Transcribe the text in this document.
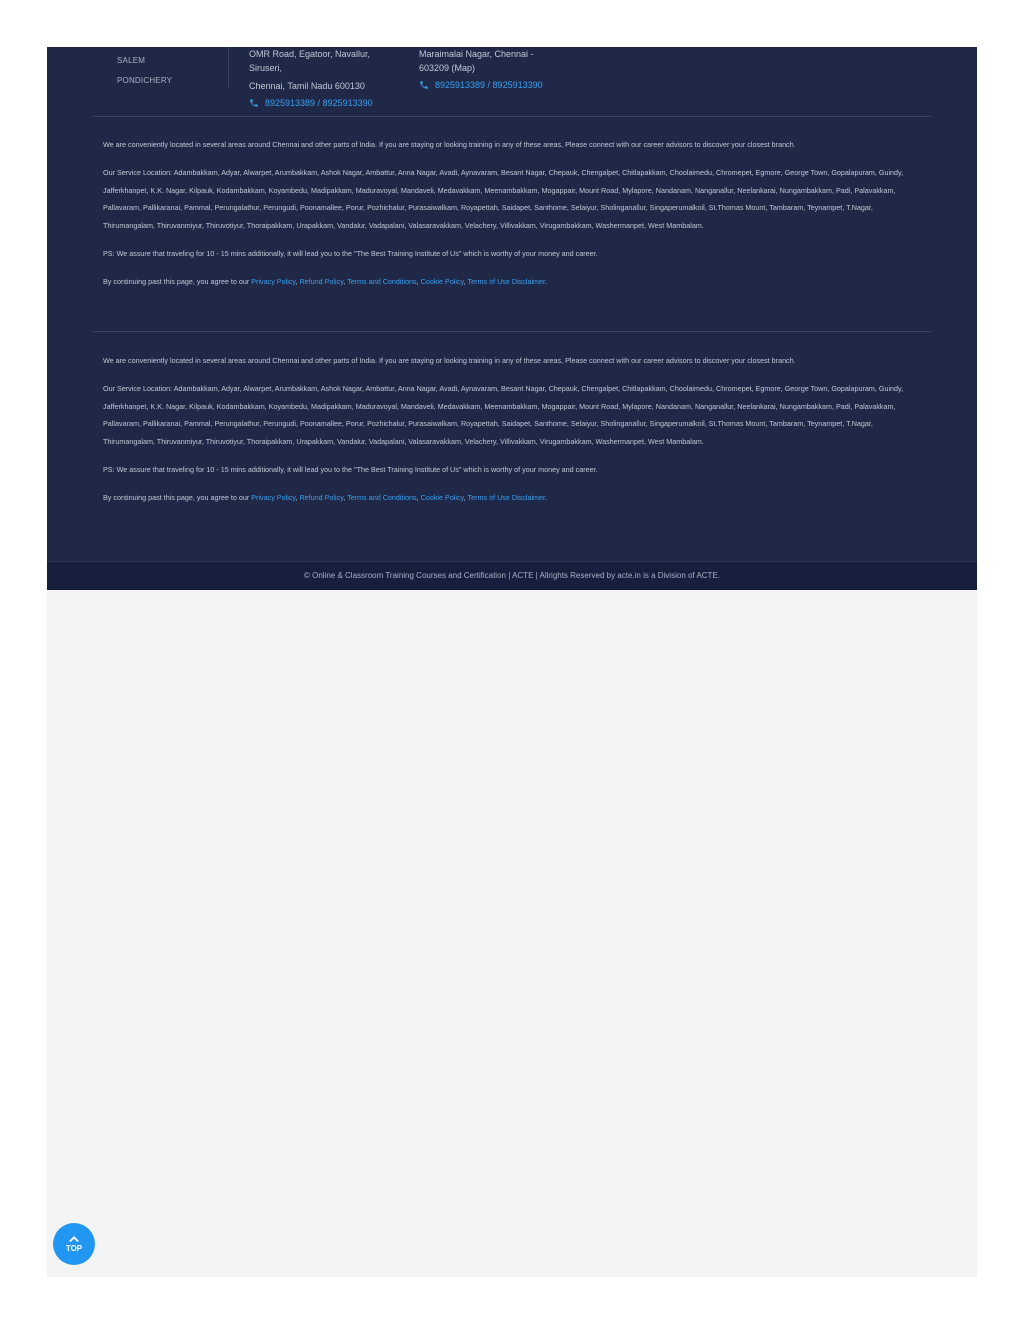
SALEM
PONDICHERY
OMR Road, Egatoor, Navallur,
Siruseri,
Chennai, Tamil Nadu 600130
8925913389 / 8925913390
Maraimalai Nagar, Chennai -
603209 (Map)
8925913389 / 8925913390

We are conveniently located in several areas around Chennai and other parts of India. If you are staying or looking training in any of these areas, Please connect with our career advisors to discover your closest branch.

Our Service Location: Adambakkam, Adyar, Alwarpet, Arumbakkam, Ashok Nagar, Ambattur, Anna Nagar, Avadi, Aynavaram, Besant Nagar, Chepauk, Chengalpet, Chitlapakkam, Choolaimedu, Chromepet, Egmore, George Town, Gopalapuram, Guindy, Jafferkhanpet, K.K. Nagar, Kilpauk, Kodambakkam, Koyambedu, Madipakkam, Maduravoyal, Mandaveli, Medavakkam, Meenambakkam, Mogappair, Mount Road, Mylapore, Nandanam, Nanganallur, Neelankarai, Nungambakkam, Padi, Palavakkam, Pallavaram, Pallikaranai, Pammal, Perungalathur, Perungudi, Poonamallee, Porur, Pozhichalur, Purasaiwalkam, Royapettah, Saidapet, Santhome, Selaiyur, Sholinganallur, Singaperumalkoil, St.Thomas Mount, Tambaram, Teynampet, T.Nagar, Thirumangalam, Thiruvanmiyur, Thiruvotiyur, Thoraipakkam, Urapakkam, Vandalur, Vadapalani, Valasaravakkam, Velachery, Villivakkam, Virugambakkam, Washermanpet, West Mambalam.

PS: We assure that traveling for 10 - 15 mins additionally, it will lead you to the "The Best Training Institute of Us" which is worthy of your money and career.

By continuing past this page, you agree to our Privacy Policy, Refund Policy, Terms and Conditions, Cookie Policy, Terms of Use Disclaimer.

We are conveniently located in several areas around Chennai and other parts of India. If you are staying or looking training in any of these areas, Please connect with our career advisors to discover your closest branch.

Our Service Location: Adambakkam, Adyar, Alwarpet, Arumbakkam, Ashok Nagar, Ambattur, Anna Nagar, Avadi, Aynavaram, Besant Nagar, Chepauk, Chengalpet, Chitlapakkam, Choolaimedu, Chromepet, Egmore, George Town, Gopalapuram, Guindy, Jafferkhanpet, K.K. Nagar, Kilpauk, Kodambakkam, Koyambedu, Madipakkam, Maduravoyal, Mandaveli, Medavakkam, Meenambakkam, Mogappair, Mount Road, Mylapore, Nandanam, Nanganallur, Neelankarai, Nungambakkam, Padi, Palavakkam, Pallavaram, Pallikaranai, Pammal, Perungalathur, Perungudi, Poonamallee, Porur, Pozhichalur, Purasaiwalkam, Royapettah, Saidapet, Santhome, Selaiyur, Sholinganallur, Singaperumalkoil, St.Thomas Mount, Tambaram, Teynampet, T.Nagar, Thirumangalam, Thiruvanmiyur, Thiruvotiyur, Thoraipakkam, Urapakkam, Vandalur, Vadapalani, Valasaravakkam, Velachery, Villivakkam, Virugambakkam, Washermanpet, West Mambalam.

PS: We assure that traveling for 10 - 15 mins additionally, it will lead you to the "The Best Training Institute of Us" which is worthy of your money and career.

By continuing past this page, you agree to our Privacy Policy, Refund Policy, Terms and Conditions, Cookie Policy, Terms of Use Disclaimer.

© Online & Classroom Training Courses and Certification | ACTE | Allrights Reserved by acte.in is a Division of ACTE.
TOP
